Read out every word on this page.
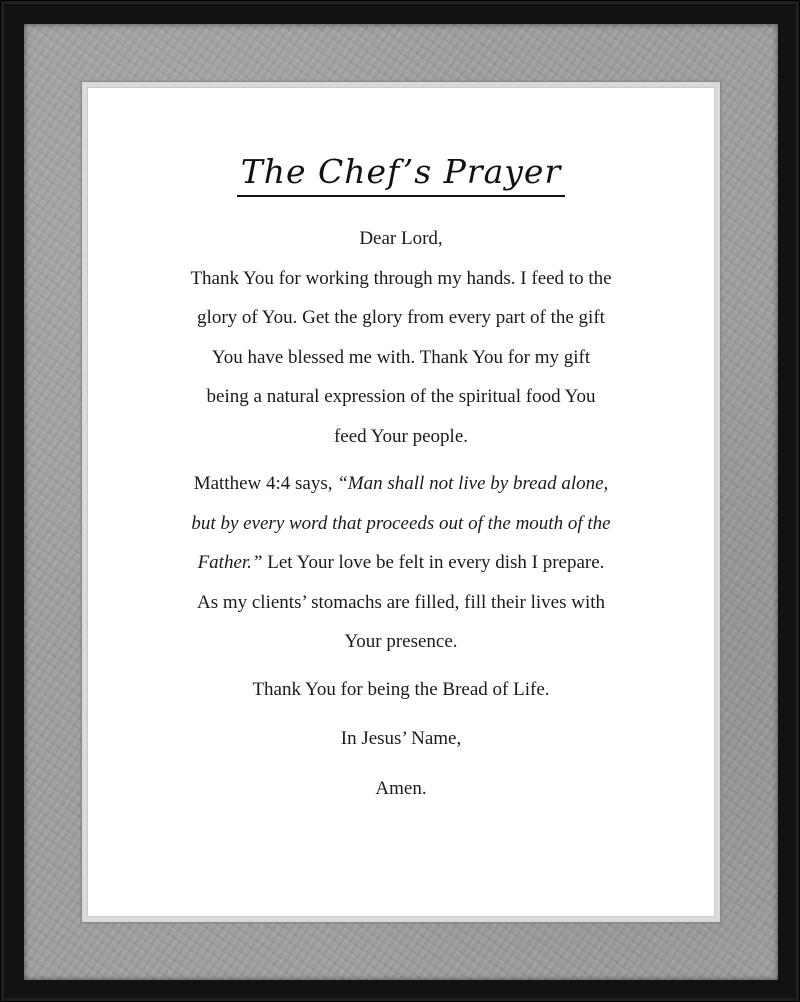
The Chef’s Prayer

Dear Lord,

Thank You for working through my hands. I feed to the
glory of You. Get the glory from every part of the gift
You have blessed me with. Thank You for my gift
being a natural expression of the spiritual food You
feed Your people.

Matthew 4:4 says, “Man shall not live by bread alone,
but by every word that proceeds out of the mouth of the
Father.” Let Your love be felt in every dish I prepare.
As my clients’ stomachs are filled, fill their lives with
Your presence.

Thank You for being the Bread of Life.

In Jesus’ Name,

Amen.
